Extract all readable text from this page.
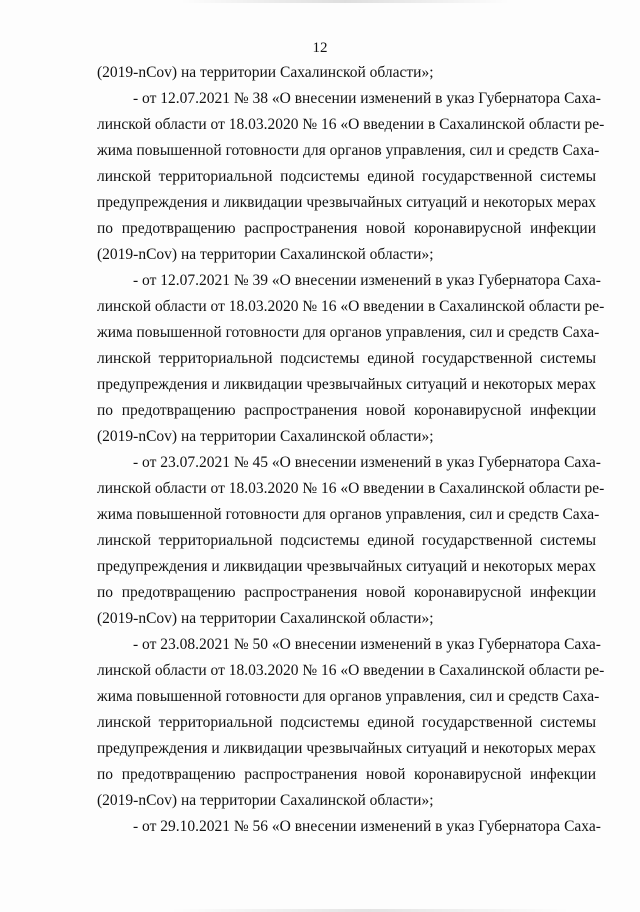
12
(2019-nCov) на территории Сахалинской области»;
- от 12.07.2021 № 38 «О внесении изменений в указ Губернатора Саха-
линской области от 18.03.2020 № 16 «О введении в Сахалинской области ре-
жима повышенной готовности для органов управления, сил и средств Саха-
линской территориальной подсистемы единой государственной системы
предупреждения и ликвидации чрезвычайных ситуаций и некоторых мерах
по предотвращению распространения новой коронавирусной инфекции
(2019-nCov) на территории Сахалинской области»;
- от 12.07.2021 № 39 «О внесении изменений в указ Губернатора Саха-
линской области от 18.03.2020 № 16 «О введении в Сахалинской области ре-
жима повышенной готовности для органов управления, сил и средств Саха-
линской территориальной подсистемы единой государственной системы
предупреждения и ликвидации чрезвычайных ситуаций и некоторых мерах
по предотвращению распространения новой коронавирусной инфекции
(2019-nCov) на территории Сахалинской области»;
- от 23.07.2021 № 45 «О внесении изменений в указ Губернатора Саха-
линской области от 18.03.2020 № 16 «О введении в Сахалинской области ре-
жима повышенной готовности для органов управления, сил и средств Саха-
линской территориальной подсистемы единой государственной системы
предупреждения и ликвидации чрезвычайных ситуаций и некоторых мерах
по предотвращению распространения новой коронавирусной инфекции
(2019-nCov) на территории Сахалинской области»;
- от 23.08.2021 № 50 «О внесении изменений в указ Губернатора Саха-
линской области от 18.03.2020 № 16 «О введении в Сахалинской области ре-
жима повышенной готовности для органов управления, сил и средств Саха-
линской территориальной подсистемы единой государственной системы
предупреждения и ликвидации чрезвычайных ситуаций и некоторых мерах
по предотвращению распространения новой коронавирусной инфекции
(2019-nCov) на территории Сахалинской области»;
- от 29.10.2021 № 56 «О внесении изменений в указ Губернатора Саха-
